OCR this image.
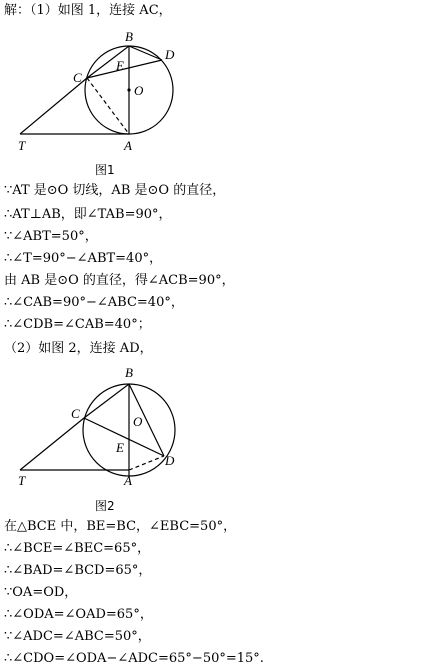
解：（1）如图 1，连接 AC，
B
D
E
C
O
T	A
图1
∵AT 是⊙O 切线，AB 是⊙O 的直径，
∴AT⊥AB，即∠TAB=90°，
∵∠ABT=50°，
∴∠T=90°−∠ABT=40°，
由 AB 是⊙O 的直径，得∠ACB=90°，
∴∠CAB=90°−∠ABC=40°，
∴∠CDB=∠CAB=40°；
（2）如图 2，连接 AD，
B
C
O
E
D
T	A
图2
在△BCE 中，BE=BC，∠EBC=50°，
∴∠BCE=∠BEC=65°，
∴∠BAD=∠BCD=65°，
∵OA=OD，
∴∠ODA=∠OAD=65°，
∵∠ADC=∠ABC=50°，
∴∠CDO=∠ODA−∠ADC=65°−50°=15°.
